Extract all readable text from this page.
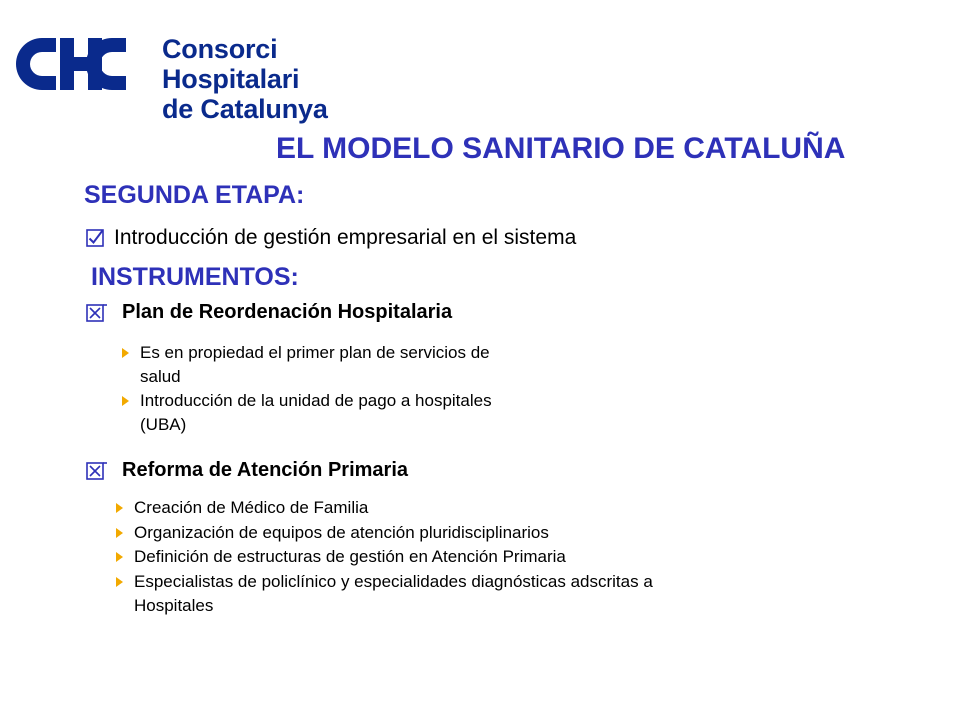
Consorci Hospitalari
de Catalunya
EL MODELO SANITARIO DE CATALUÑA
SEGUNDA ETAPA:
Introducción de gestión empresarial en el sistema
INSTRUMENTOS:
Plan de Reordenación Hospitalaria
Es en propiedad el primer plan de servicios de
salud
Introducción de la unidad de pago a hospitales
(UBA)
Reforma de Atención Primaria
Creación de Médico de Familia
Organización de equipos de atención pluridisciplinarios
Definición de estructuras de gestión en Atención Primaria
Especialistas de policlínico y especialidades diagnósticas adscritas a
Hospitales
